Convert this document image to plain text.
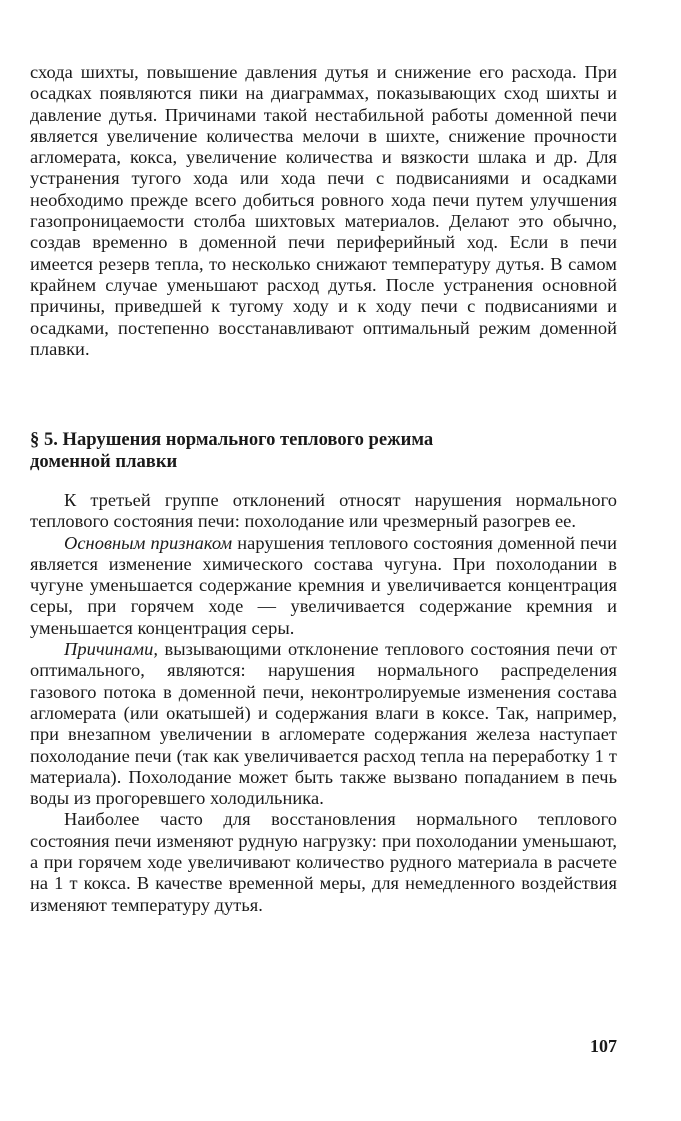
схода шихты, повышение давления дутья и снижение его расхода. При осадках появляются пики на диаграммах, показывающих сход шихты и давление дутья. Причинами такой нестабильной работы доменной печи является увеличение количества мелочи в шихте, снижение прочности агломерата, кокса, увеличение количества и вязкости шлака и др. Для устранения тугого хода или хода печи с подвисаниями и осадками необходимо прежде всего добиться ровного хода печи путем улучшения газопроницаемости столба шихтовых материалов. Делают это обычно, создав временно в доменной печи периферийный ход. Если в печи имеется резерв тепла, то несколько снижают температуру дутья. В самом крайнем случае уменьшают расход дутья. После устранения основной причины, приведшей к тугому ходу и к ходу печи с подвисаниями и осадками, постепенно восстанавливают оптимальный режим доменной плавки.

§ 5. Нарушения нормального теплового режима

доменной плавки

К третьей группе отклонений относят нарушения нормального теплового состояния печи: похолодание или чрезмерный разогрев ее.

Основным признаком нарушения теплового состояния доменной печи является изменение химического состава чугуна. При похолодании в чугуне уменьшается содержание кремния и увеличивается концентрация серы, при горячем ходе — увеличивается содержание кремния и уменьшается концентрация серы.

Причинами, вызывающими отклонение теплового состояния печи от оптимального, являются: нарушения нормального распределения газового потока в доменной печи, неконтролируемые изменения состава агломерата (или окатышей) и содержания влаги в коксе. Так, например, при внезапном увеличении в агломерате содержания железа наступает похолодание печи (так как увеличивается расход тепла на переработку 1 т материала). Похолодание может быть также вызвано попаданием в печь воды из прогоревшего холодильника.

Наиболее часто для восстановления нормального теплового состояния печи изменяют рудную нагрузку: при похолодании уменьшают, а при горячем ходе увеличивают количество рудного материала в расчете на 1 т кокса. В качестве временной меры, для немедленного воздействия изменяют температуру дутья.

107
